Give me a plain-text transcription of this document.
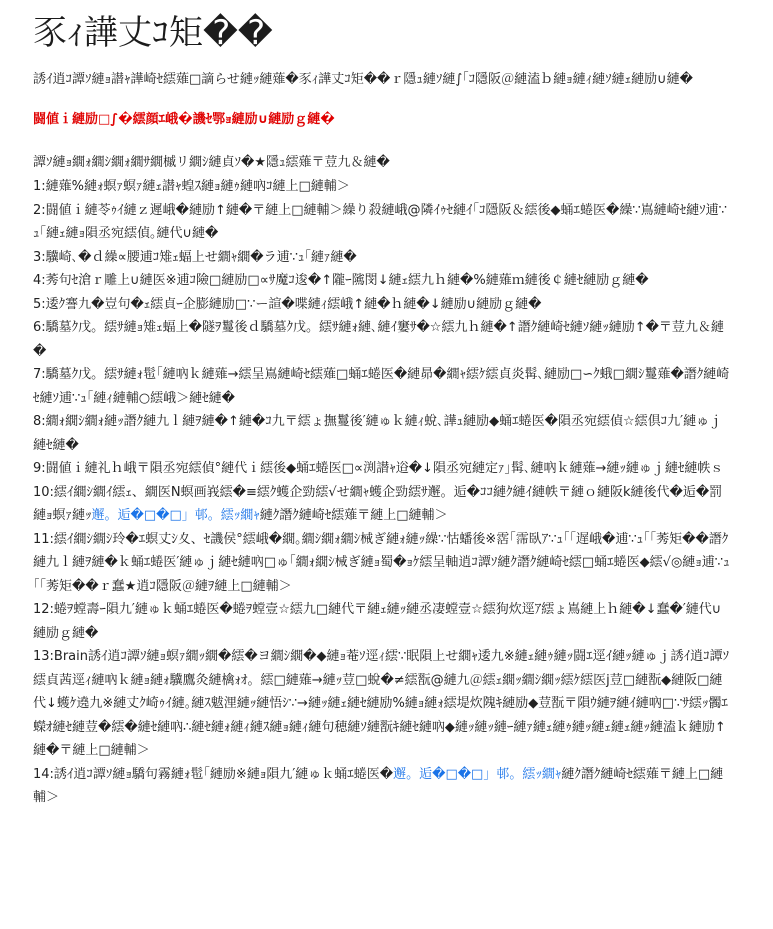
豕ｨ譁丈ｺ矩��

誘ｲ逍ｺ譚ｿ縺ｮ譛ｬ譁崎ｾ繧薙□謫らせ縺ｯ縺薙�豕ｨ譁丈ｺ矩��ｒ隱ｭ縺ｿ縺∫｢ｺ隱阪＠縺溘ｂ縺ｮ縺ｨ縺ｿ縺ｪ縺励∪縺�

闘値ｉ縺励□∫�繧顔ｴ峨�譏ｾ鄂ｮ縺励∪縺励ｇ縺�

譚ｿ縺ｮ繝ｫ繝ｼ繝ｫ繝ｻ繝槭リ繝ｼ縺貞ｿ�★隱ｭ繧薙〒荳九＆縺�

1:縺薙%縺ｫ螟ｧ螟ｧ縺ｪ譛ｬ蝗ｽ縺ｮ縺ｩ縺吶ｺ縺上□縺輔＞

2:闘値ｉ縺苓ｩｲ縺ｚ遲峨�縺励↑縺�〒縺上□縺輔＞繰り殺縺峨@隣ｲｩｾ縺ｲ｢ｺ隱阪＆繧後◆蛹ｴ蜷医�繰∵嶌縺崎ｾ縺ｿ逋∵ｭ｢縺ｪ縺ｮ隕丞宛繧偵｡縺代∪縺�

3:驥崎､�ｄ繰∝腰逋ｺ雉ｪ蝠上せ繝ｬ繝�ラ逋∵ｭ｢縺ｧ縺�

4:莠句ｾ滄ｒ雕上∪縺医※逋ｺ險□縺励□∝ｻ魔ｺ逡�↑隴ｰ隲閔↓縺ｪ繧九ｈ縺�%縺薙ｍ縺後￠縺ｾ縺励ｇ縺�

5:逶ｸ謇九�豈句�ｪ繧貞ｰ企膨縺励□∵ー諠�喋縺ｨ繧峨↑縺�ｈ縺�↓縺励∪縺励ｇ縺�

6:驕墓ｸ戊。繧ｻ縺ｮ雉ｪ蝠上�隧ｦ鬘後ｄ驕墓ｸ戊。繧ｻ縺ｫ縺､縺ｲ窶ｻ�☆繧九ｈ縺�↑譖ｸ縺崎ｾ縺ｿ縺ｯ縺励↑�〒荳九＆縺�

7:驕墓ｸ戊。繧ｻ縺ｫ髢｢縺吶ｋ縺薙→繧呈嶌縺崎ｾ繧薙□蛹ｴ蜷医�縺昴�繝ｬ繧ｹ繧貞炎髯､縺励□∽ｸ蛾□繝ｼ鬘薙�譖ｸ縺崎ｾ縺ｿ逋∵ｭ｢縺ｨ縺輔○繧峨＞縺ｾ縺�

8:繝ｫ繝ｼ繝ｫ縺ｯ譖ｸ縺九ｌ縺ｦ縺�↑縺�ｺ九〒繧ょ撫鬘後′縺ゅｋ縺ｨ蛻､譁ｭ縺励◆蛹ｴ蜷医�隕丞宛繧偵☆繧倶ｺ九′縺ゅｊ縺ｾ縺�

9:闘値ｉ縺礼ｈ峨〒隕丞宛繧偵°縺代ｉ繧後◆蛹ｴ蜷医□∝渕譛ｬ逧�↓隕丞宛縺定ｧ｣髯､縺吶ｋ縺薙→縺ｯ縺ゅｊ縺ｾ縺帙ｓ

10:繧ｲ繝ｼ繝ｲ繧ｪ、繝医N螟画峩繧�≡繧ｸ蠖企勁繧√せ繝ｬ蠖企勁繧ｻ邂。逅�ｺｺ縺ｸ縺ｲ縺帙〒縺ｏ縺阪k縺後代�逅�罰縺ｮ螟ｧ縺ｯ邂。逅�□�□」邨。繧ｯ繝ｬ縺ｸ譖ｸ縺崎ｾ繧薙〒縺上□縺輔＞

11:繧ｲ繝ｼ繝ｼ玲�ｴ螟丈ｼ夊、ｾ譏侯°繧峨�繝｡繝ｼ繝ｫ繝ｼ械ぎ縺ｫ縺ｯ繰∵怙蟠後※霑｢霈臥ｱ∵ｭ｢「遅峨�逋∵ｭ｢「莠矩��譖ｸ縺九ｌ縺ｦ縺�ｋ蛹ｴ蜷医′縺ゅｊ縺ｾ縺吶□ゅ｢繝ｫ繝ｼ械ぎ縺ｮ蜀�ｮｹ繧呈軸逍ｺ譚ｿ縺ｸ譖ｸ縺崎ｾ繧□蛹ｴ蜷医◆繧√◎縺ｮ逋∵ｭ｢「莠矩��ｒ蠢★逍ｺ隱阪＠縺ｦ縺上□縺輔＞

12:蜷ｦ螳壽ｰ隕九′縺ゅｋ蛹ｴ蜷医�蜷ｦ螳壹☆繧九□縺代〒縺ｪ縺ｯ縺丞凄螳壹☆繧狗炊逕ｱ繧ょ嶌縺上ｈ縺�↓蠢�′縺代∪縺励ｇ縺�

13:Brain誘ｲ逍ｺ譚ｿ縺ｮ螟ｧ繝ｯ繝�繧�ヨ繝ｼ繝�◆縺ｮ菴ｿ逕ｨ繧∵眠隕上せ繝ｬ逶九※縺ｪ縺ｩ縺ｯ闘ｴ逕ｲ縺ｯ縺ゅｊ誘ｲ逍ｺ譚ｿ繧貞茜逕ｨ縺吶ｋ縺ｮ縺ｫ驥鷹灸縺檎ｫｵ。繧□縺薙→縺ｯ荳□蛻�≠繧翫@縺九＠繧ｪ繝ｯ繝ｼ繝ｯ繧ｹ繧医j荳□縺翫◆縺阪□縺代↓蠖ｹ遶九※縺丈ｸ崎ｩｲ縺｡縺ｽ魃浬縺ｯ縺悟ｼ∵→縺ｯ縺ｪ縺ｾ縺励%縺ｮ縺ｫ繧堤炊隗ｷ縺励◆荳翫〒隕ｳ縺ｦ縺ｲ縺吶□∵ｻ繧ｯ髑ｴ蠑ｵ縺ｾ縺荳�繧�縺ｾ縺吶∴縺ｾ縺ｫ縺ｨ縺ｽ縺ｮ縺ｨ縺句穂縺ｿ縺翫ｷ縺ｾ縺吶◆縺ｯ縺ｯ縺ｰ縺ｧ縺ｪ縺ｩ縺ｯ縺ｪ縺ｪ縺ｯ縺溘ｋ縺励↑縺�〒縺上□縺輔＞

14:誘ｲ逍ｺ譚ｿ縺ｮ驕句霧縺ｫ髢｢縺励※縺ｮ隕九′縺ゅｋ蛹ｴ蜷医�邂。逅�□�□」邨。繧ｯ繝ｬ縺ｸ譖ｸ縺崎ｾ繧薙〒縺上□縺輔＞
